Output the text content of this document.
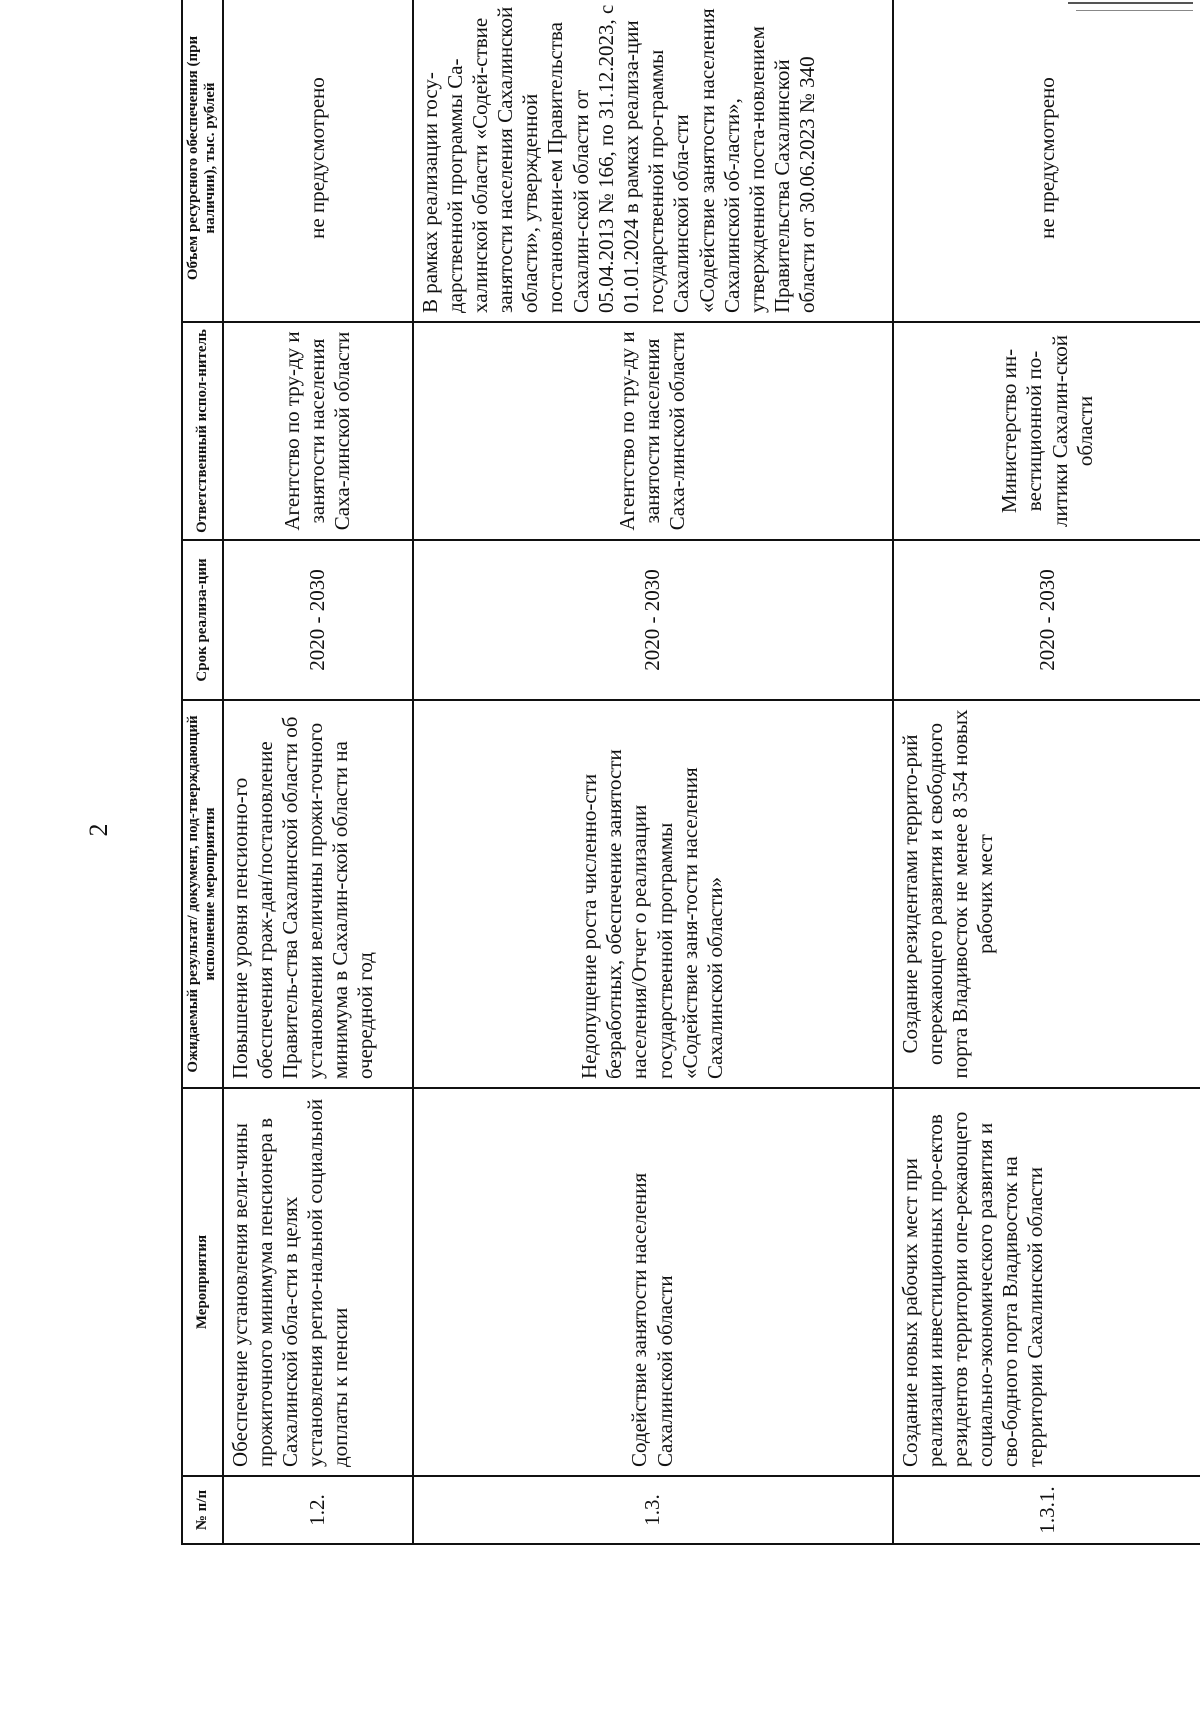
2
№ п/п	Мероприятия	Ожидаемый результат/ документ, под-тверждающий исполнение мероприятия	Срок реализа-ции	Ответственный испол-нитель	Объем ресурсного обеспечения (при наличии), тыс. рублей
1.2.	Обеспечение установления вели-чины прожиточного минимума пенсионера в Сахалинской обла-сти в целях установления регио-нальной социальной доплаты к пенсии	Повышение уровня пенсионно-го обеспечения граж-дан/постановление Правитель-ства Сахалинской области об установлении величины прожи-точного минимума в Сахалин-ской области на очередной год	2020 - 2030	Агентство по тру-ду и занятости населения Саха-линской области	не предусмотрено
1.3.	Содействие занятости населения Сахалинской области	Недопущение роста численно-сти безработных, обеспечение занятости населения/Отчет о реализации государственной программы «Содействие заня-тости населения Сахалинской области»	2020 - 2030	Агентство по тру-ду и занятости населения Саха-линской области	В рамках реализации госу-дарственной программы Са-халинской области «Содей-ствие занятости населения Сахалинской области», утвержденной постановлени-ем Правительства Сахалин-ской области от 05.04.2013 № 166, по 31.12.2023, с 01.01.2024 в рамках реализа-ции государственной про-граммы Сахалинской обла-сти «Содействие занятости населения Сахалинской об-ласти», утвержденной поста-новлением Правительства Сахалинской области от 30.06.2023 № 340
1.3.1.	Создание новых рабочих мест при реализации инвестиционных про-ектов резидентов территории опе-режающего социально-экономического развития и сво-бодного порта Владивосток на территории Сахалинской области	Создание резидентами террито-рий опережающего развития и свободного порта Владивосток не менее 8 354 новых рабочих мест	2020 - 2030	Министерство ин-вестиционной по-литики Сахалин-ской области	не предусмотрено
